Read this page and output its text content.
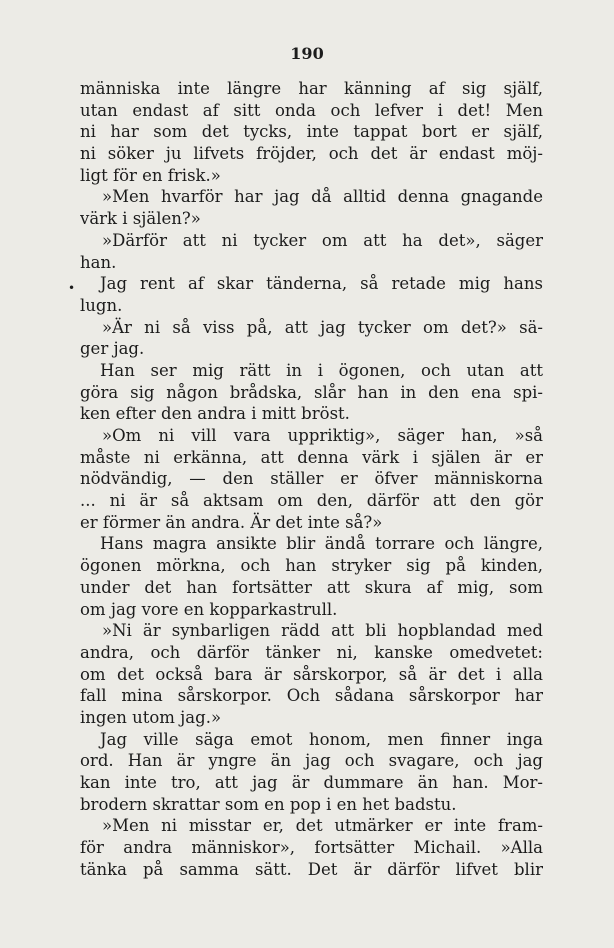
190
•
människa inte längre har känning af sig själf,
utan endast af sitt onda och lefver i det! Men
ni har som det tycks, inte tappat bort er själf,
ni söker ju lifvets fröjder, och det är endast möj-
ligt för en frisk.»
»Men hvarför har jag då alltid denna gnagande
värk i själen?»
»Därför att ni tycker om att ha det», säger
han.
Jag rent af skar tänderna, så retade mig hans
lugn.
»Är ni så viss på, att jag tycker om det?» sä-
ger jag.
Han ser mig rätt in i ögonen, och utan att
göra sig någon brådska, slår han in den ena spi-
ken efter den andra i mitt bröst.
»Om ni vill vara uppriktig», säger han, »så
måste ni erkänna, att denna värk i själen är er
nödvändig, — den ställer er öfver människorna
... ni är så aktsam om den, därför att den gör
er förmer än andra. Är det inte så?»
Hans magra ansikte blir ändå torrare och längre,
ögonen mörkna, och han stryker sig på kinden,
under det han fortsätter att skura af mig, som
om jag vore en kopparkastrull.
»Ni är synbarligen rädd att bli hopblandad med
andra, och därför tänker ni, kanske omedvetet:
om det också bara är sårskorpor, så är det i alla
fall mina sårskorpor. Och sådana sårskorpor har
ingen utom jag.»
Jag ville säga emot honom, men finner inga
ord. Han är yngre än jag och svagare, och jag
kan inte tro, att jag är dummare än han. Mor-
brodern skrattar som en pop i en het badstu.
»Men ni misstar er, det utmärker er inte fram-
för andra människor», fortsätter Michail. »Alla
tänka på samma sätt. Det är därför lifvet blir
